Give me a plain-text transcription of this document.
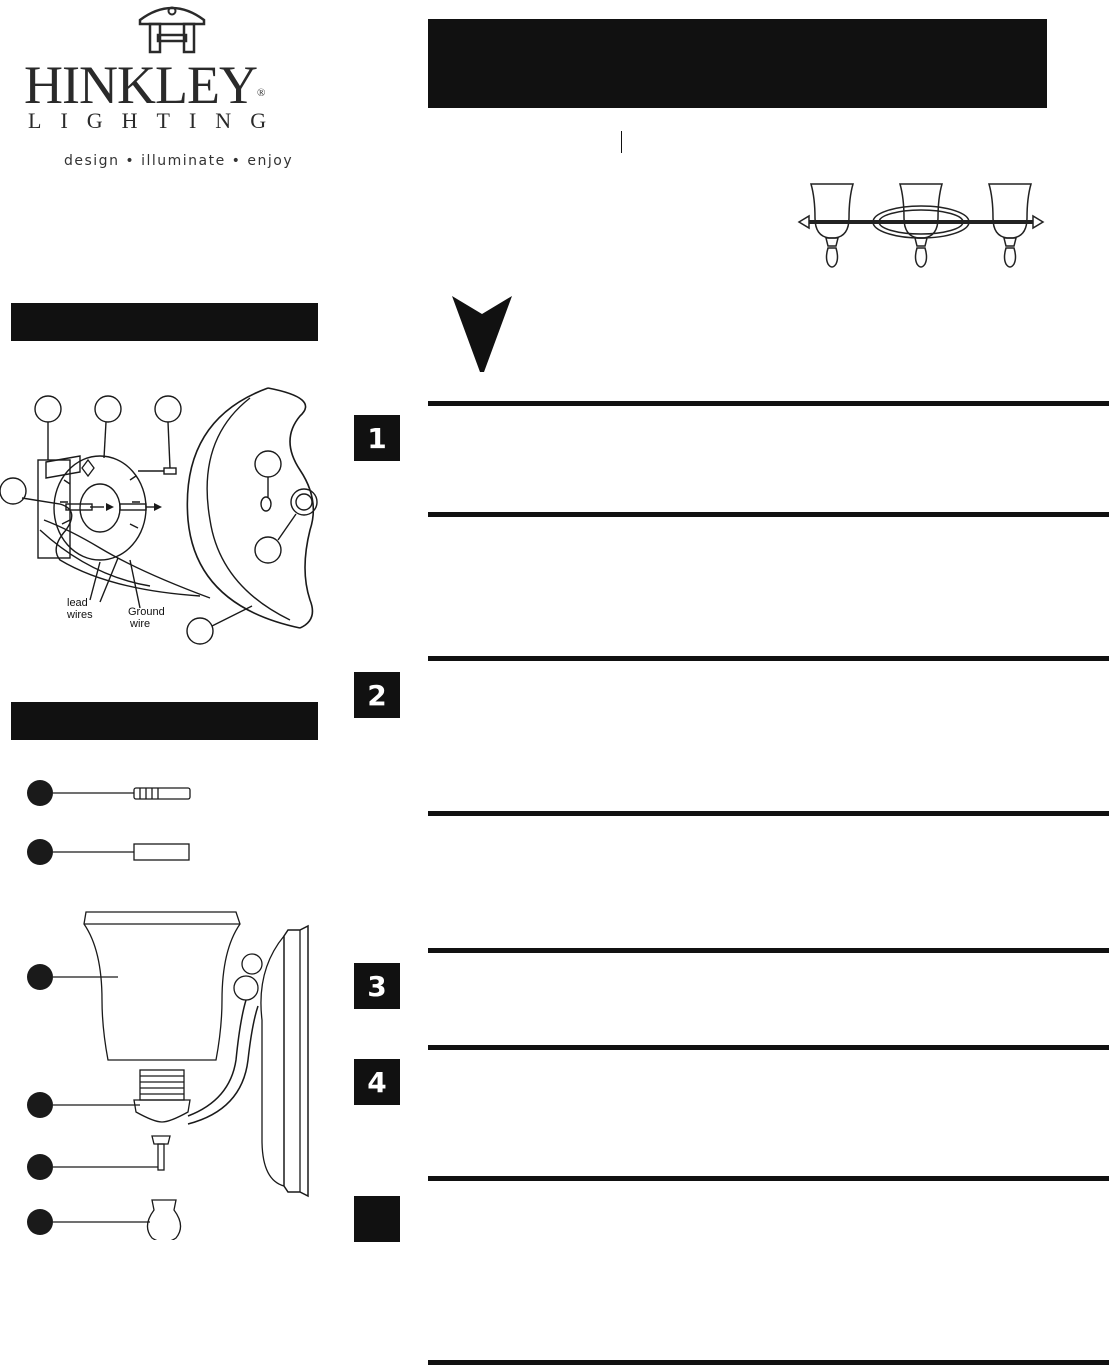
HINKLEY®
LIGHTING
design • illuminate • enjoy
lead
wires	Ground
wire
1
2
3
4
